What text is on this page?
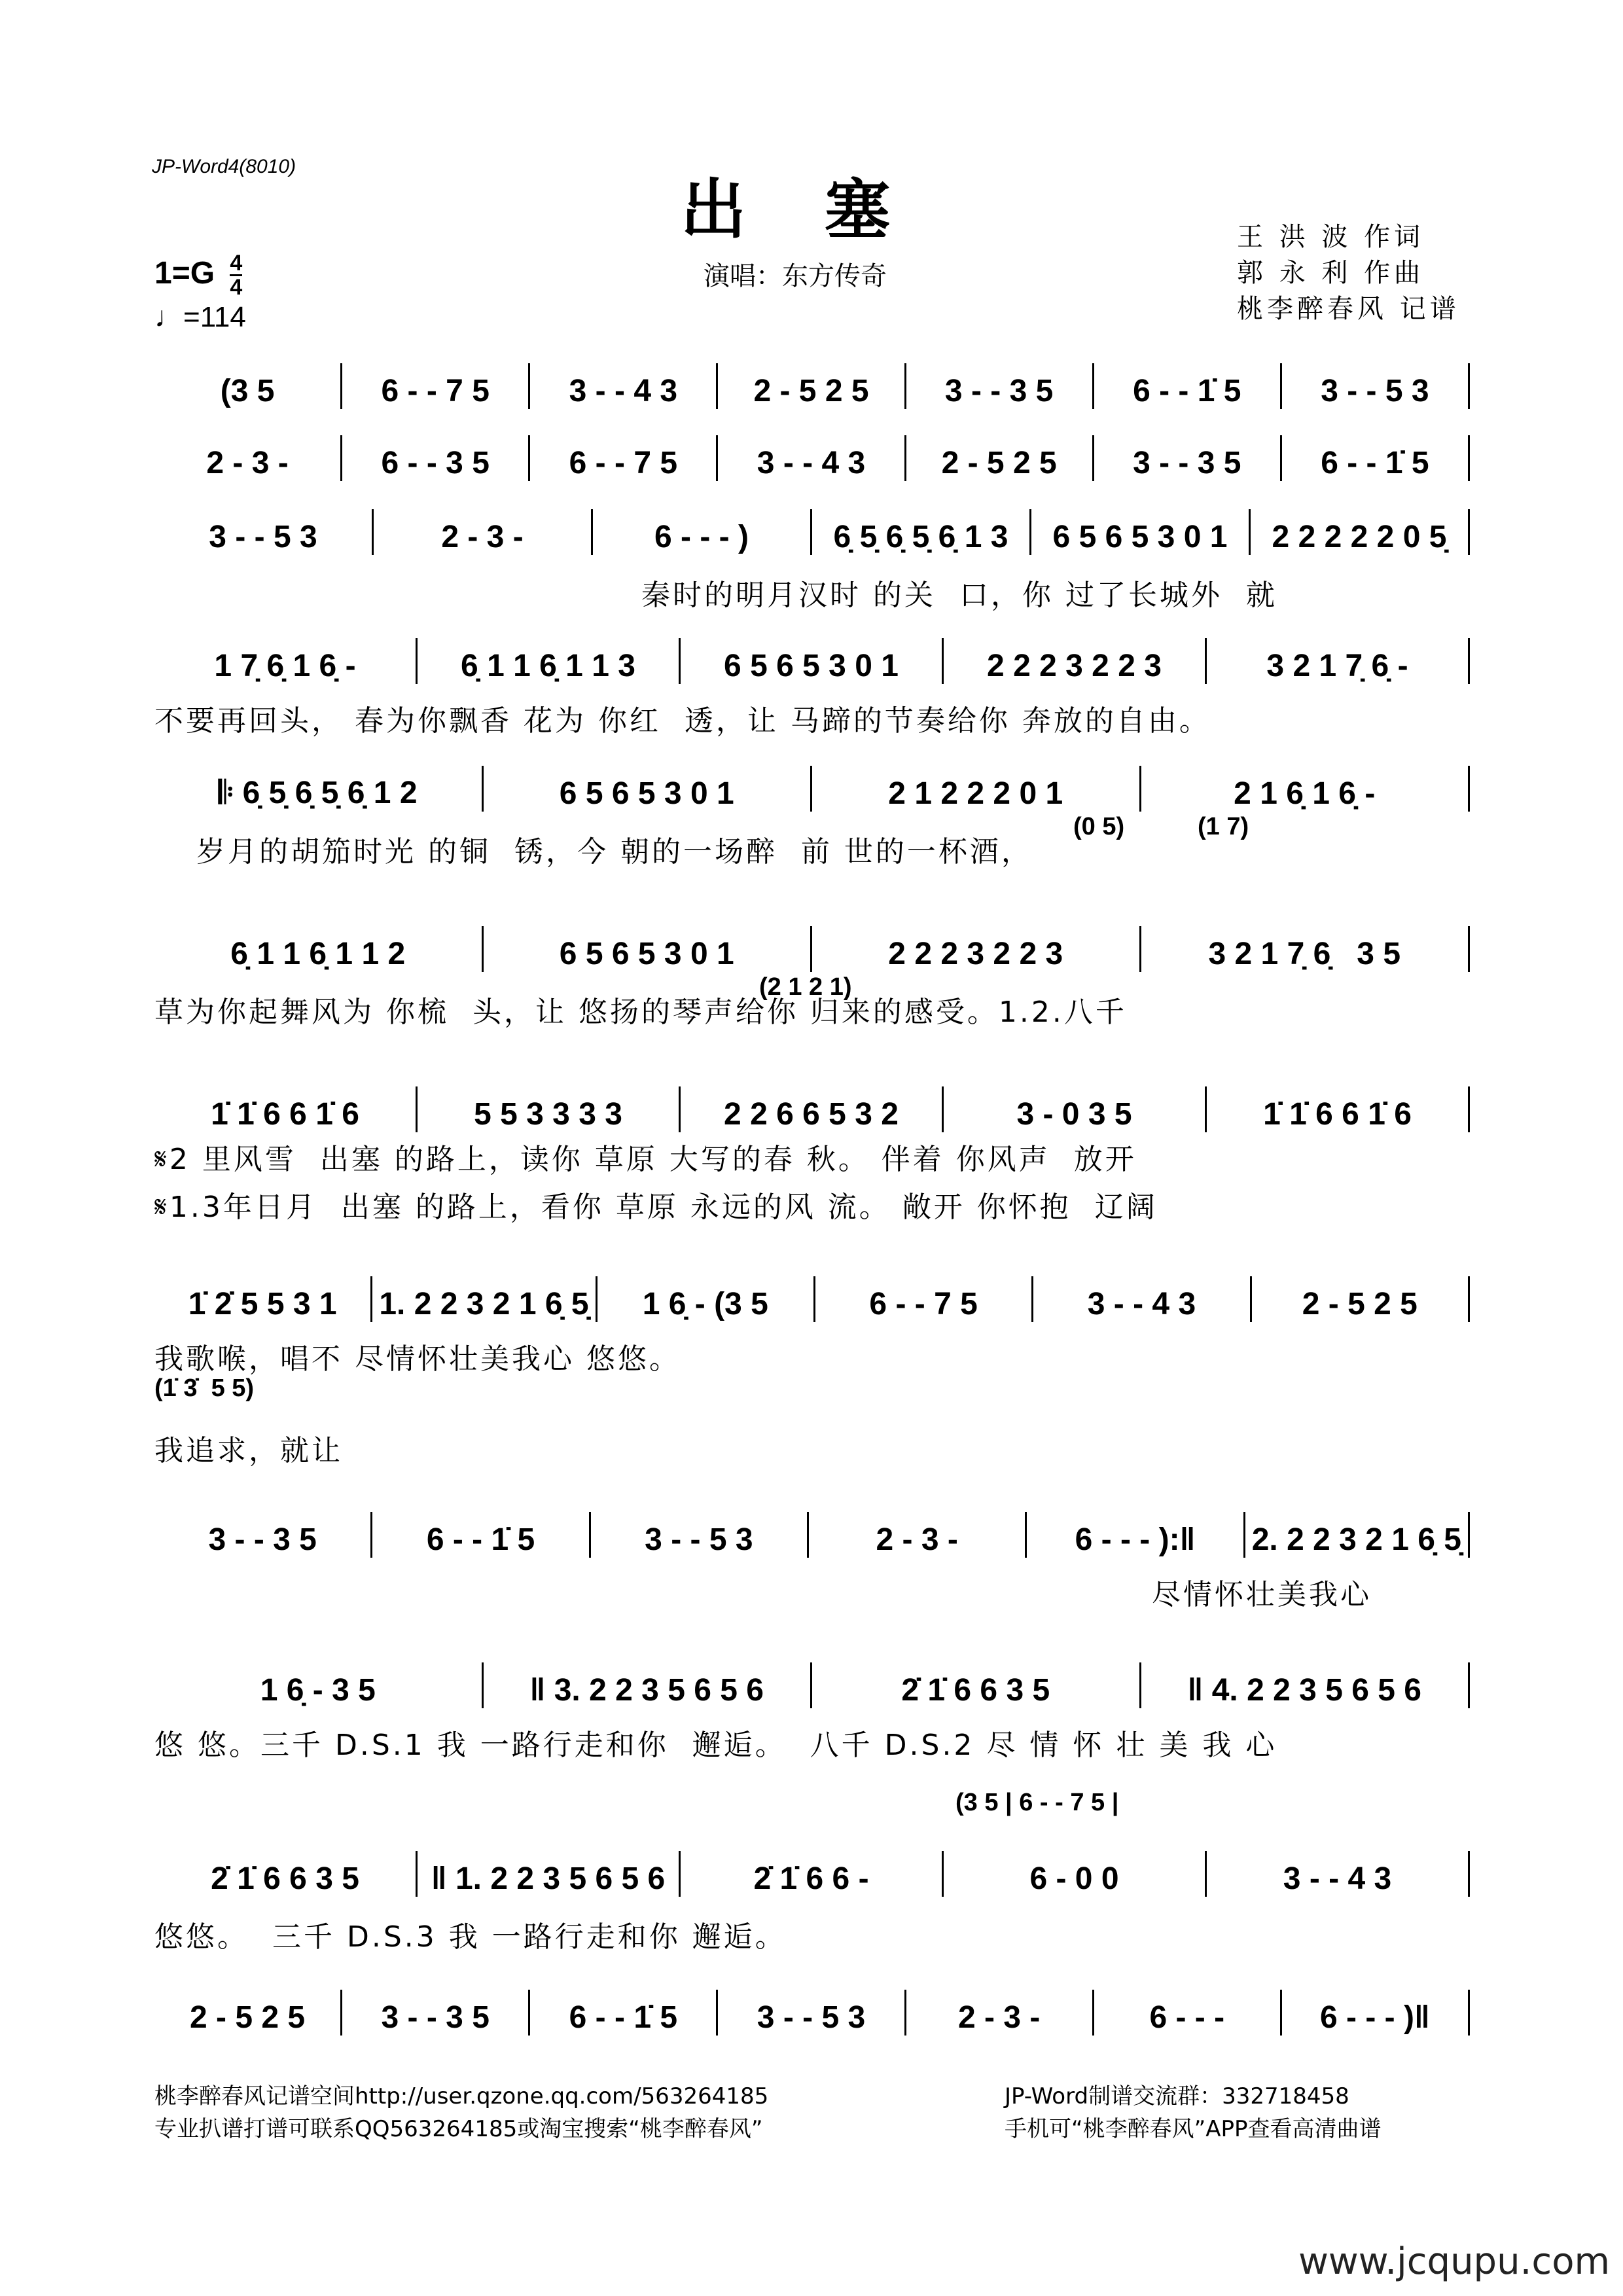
JP-Word4(8010)
出塞
$1=G \frac{4}{4}$
♩=114
演唱：东方传奇
王 洪 波 作词
郭 永 利 作曲
桃李醉春风 记谱
(3 5	6 - - 7 5	3 - - 4 3	2 - 5 2 5	3 - - 3 5	6 - - 1̇ 5	3 - - 5 3
2 - 3 -	6 - - 3 5	6 - - 7 5	3 - - 4 3	2 - 5 2 5	3 - - 3 5	6 - - 1̇ 5
3 - - 5 3	2 - 3 -	6 - - - )	6̣ 5̣ 6̣ 5̣ 6̣ 1 3	6 5 6 5 3 0 1	2 2 2 2 2 0 5̣
秦时的明月汉时 的关  口，你 过了长城外  就
1 7̣ 6̣ 1 6̣ -	6̣ 1 1 6̣ 1 1 3	6 5 6 5 3 0 1	2 2 2 3 2 2 3	3 2 1 7̣ 6̣ -
不要再回头， 春为你飘香 花为 你红  透，让 马蹄的节奏给你 奔放的自由。
𝄆 6̣ 5̣ 6̣ 5̣ 6̣ 1 2	6 5 6 5 3 0 1	2 1 2 2 2 0 1	2 1 6̣ 1 6̣ -
(0 5)	(1 7)
岁月的胡笳时光 的铜  锈，今 朝的一场醉  前 世的一杯酒，
6̣ 1 1 6̣ 1 1 2	6 5 6 5 3 0 1	2 2 2 3 2 2 3	3 2 1 7̣ 6̣   3 5
(2 1 2 1)
草为你起舞风为 你梳  头，让 悠扬的琴声给你 归来的感受。1.2.八千
1̇ 1̇ 6 6 1̇ 6	5 5 3 3 3 3	2 2 6 6 5 3 2	3 - 0 3 5	1̇ 1̇ 6 6 1̇ 6
𝄋2 里风雪  出塞 的路上，读你 草原 大写的春 秋。 伴着 你风声  放开
𝄋1.3年日月  出塞 的路上，看你 草原 永远的风 流。 敞开 你怀抱  辽阔
1̇ 2̇ 5 5 3 1	1. 2 2 3 2 1 6̣ 5̣	1 6̣ - (3 5	6 - - 7 5	3 - - 4 3	2 - 5 2 5
(1̇ 3̇  5 5)
我歌喉，唱不 尽情怀壮美我心 悠悠。
我追求，就让
3 - - 3 5	6 - - 1̇ 5	3 - - 5 3	2 - 3 -	6 - - - ):‖	2. 2 2 3 2 1 6̣ 5̣
尽情怀壮美我心
1 6̣ - 3 5	‖ 3. 2 2 3 5 6 5 6	2̇ 1̇ 6 6 3 5	‖ 4. 2 2 3 5 6 5 6
悠 悠。三千 D.S.1 我 一路行走和你  邂逅。  八千 D.S.2 尽 情 怀 壮 美 我 心
2̇ 1̇ 6 6 3 5	‖ 1. 2 2 3 5 6 5 6	2̇ 1̇ 6 6 -	6 - 0 0	3 - - 4 3
(3 5 | 6 - - 7 5 |
悠悠。  三千 D.S.3 我 一路行走和你 邂逅。
2 - 5 2 5	3 - - 3 5	6 - - 1̇ 5	3 - - 5 3	2 - 3 -	6 - - -	6 - - - )‖
桃李醉春风记谱空间http://user.qzone.qq.com/563264185
专业扒谱打谱可联系QQ563264185或淘宝搜索“桃李醉春风”
JP-Word制谱交流群：332718458
手机可“桃李醉春风”APP查看高清曲谱
www.jcqupu.com
